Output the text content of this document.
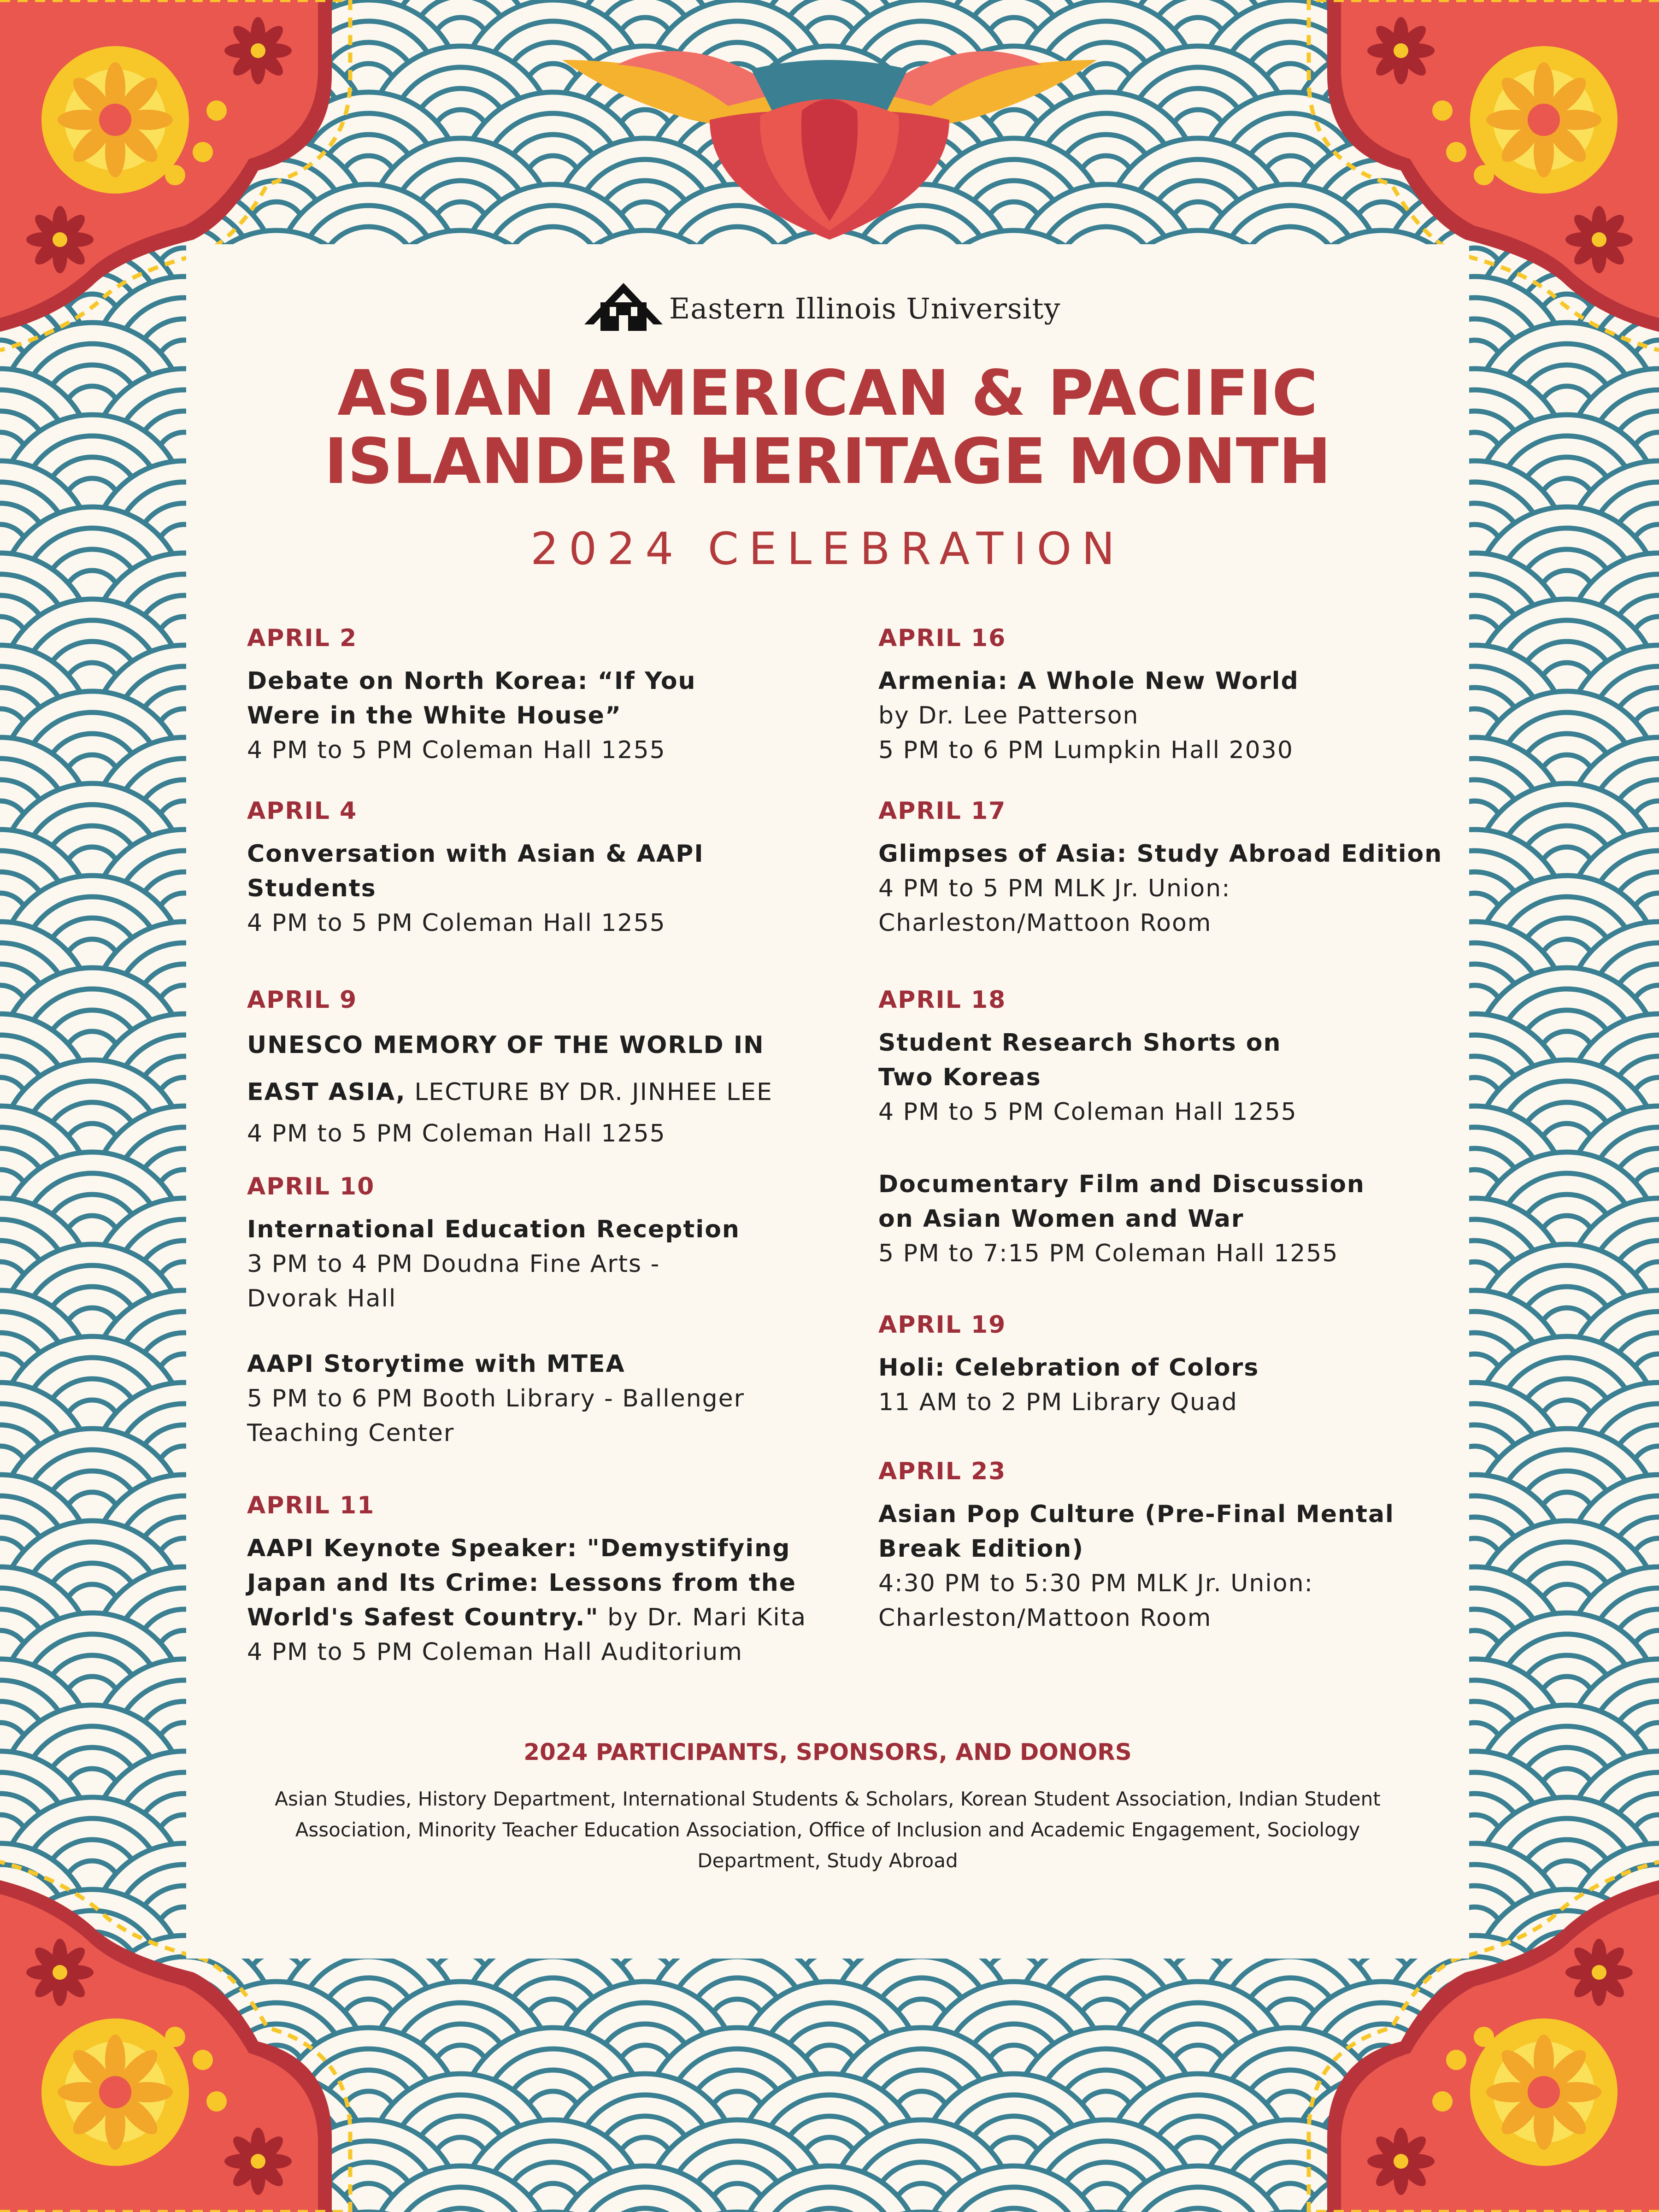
Eastern Illinois University
ASIAN AMERICAN & PACIFIC
ISLANDER HERITAGE MONTH
2024 CELEBRATION
APRIL 2
Debate on North Korea: “If You Were in the White House”
4 PM to 5 PM Coleman Hall 1255
APRIL 4
Conversation with Asian & AAPI Students
4 PM to 5 PM Coleman Hall 1255
APRIL 9
UNESCO MEMORY OF THE WORLD IN
EAST ASIA, LECTURE BY DR. JINHEE LEE
4 PM to 5 PM Coleman Hall 1255
APRIL 10
International Education Reception
3 PM to 4 PM Doudna Fine Arts -
Dvorak Hall
AAPI Storytime with MTEA
5 PM to 6 PM Booth Library - Ballenger
Teaching Center
APRIL 11
AAPI Keynote Speaker: "Demystifying Japan and Its Crime: Lessons from the World's Safest Country." by Dr. Mari Kita
4 PM to 5 PM Coleman Hall Auditorium
APRIL 16
Armenia: A Whole New World
by Dr. Lee Patterson
5 PM to 6 PM Lumpkin Hall 2030
APRIL 17
Glimpses of Asia: Study Abroad Edition
4 PM to 5 PM MLK Jr. Union:
Charleston/Mattoon Room
APRIL 18
Student Research Shorts on Two Koreas
4 PM to 5 PM Coleman Hall 1255
Documentary Film and Discussion on Asian Women and War
5 PM to 7:15 PM Coleman Hall 1255
APRIL 19
Holi: Celebration of Colors
11 AM to 2 PM Library Quad
APRIL 23
Asian Pop Culture (Pre-Final Mental Break Edition)
4:30 PM to 5:30 PM MLK Jr. Union:
Charleston/Mattoon Room
2024 PARTICIPANTS, SPONSORS, AND DONORS
Asian Studies, History Department, International Students & Scholars, Korean Student Association, Indian Student Association, Minority Teacher Education Association, Office of Inclusion and Academic Engagement, Sociology Department, Study Abroad
